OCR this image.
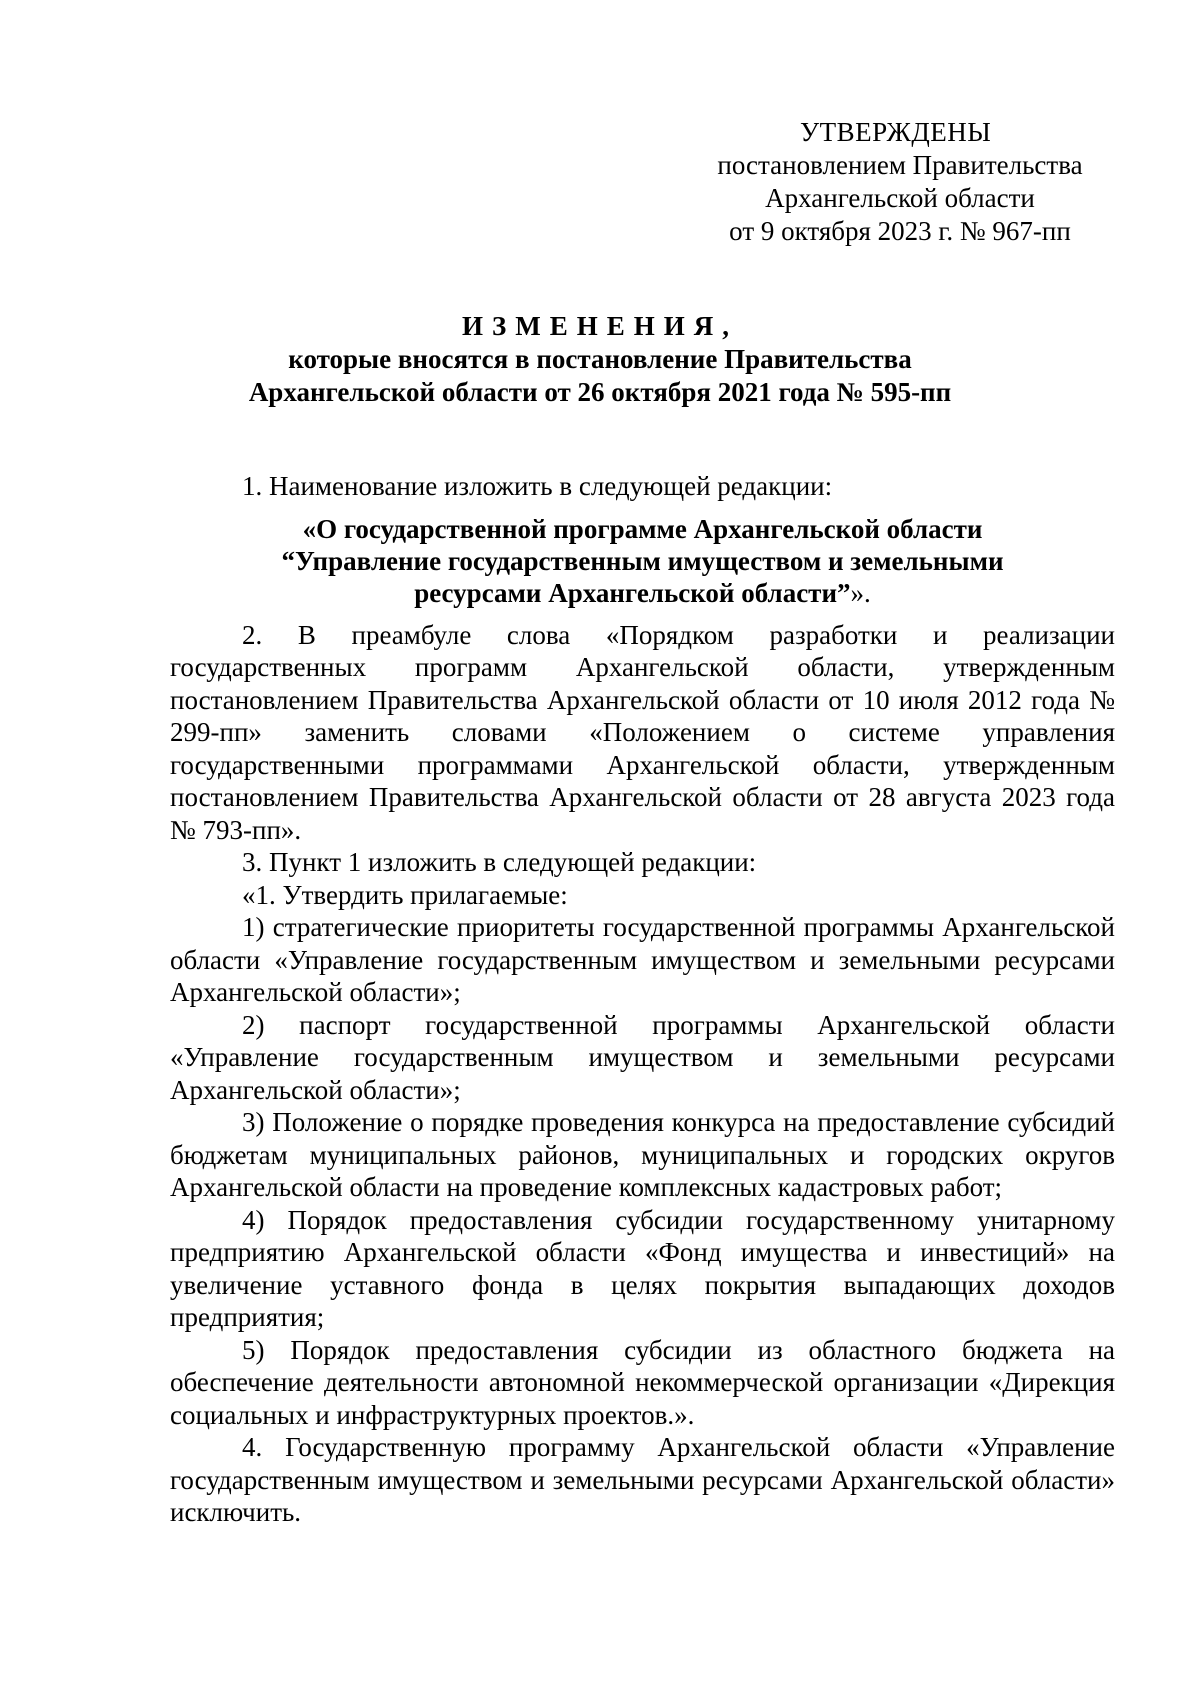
УТВЕРЖДЕНЫ
постановлением Правительства
Архангельской области
от 9 октября 2023 г. № 967-пп
ИЗМЕНЕНИЯ,
которые вносятся в постановление Правительства
Архангельской области от 26 октября 2021 года № 595-пп

1. Наименование изложить в следующей редакции:

«О государственной программе Архангельской области
“Управление государственным имуществом и земельными
ресурсами Архангельской области”».

2. В преамбуле слова «Порядком разработки и реализации государственных программ Архангельской области, утвержденным постановлением Правительства Архангельской области от 10 июля 2012 года № 299-пп» заменить словами «Положением о системе управления государственными программами Архангельской области, утвержденным постановлением Правительства Архангельской области от 28 августа 2023 года № 793-пп».

3. Пункт 1 изложить в следующей редакции:

«1. Утвердить прилагаемые:

1) стратегические приоритеты государственной программы Архангельской области «Управление государственным имуществом и земельными ресурсами Архангельской области»;

2) паспорт государственной программы Архангельской области «Управление государственным имуществом и земельными ресурсами Архангельской области»;

3) Положение о порядке проведения конкурса на предоставление субсидий бюджетам муниципальных районов, муниципальных и городских округов Архангельской области на проведение комплексных кадастровых работ;

4) Порядок предоставления субсидии государственному унитарному предприятию Архангельской области «Фонд имущества и инвестиций» на увеличение уставного фонда в целях покрытия выпадающих доходов предприятия;

5) Порядок предоставления субсидии из областного бюджета на обеспечение деятельности автономной некоммерческой организации «Дирекция социальных и инфраструктурных проектов.».

4. Государственную программу Архангельской области «Управление государственным имуществом и земельными ресурсами Архангельской области» исключить.
